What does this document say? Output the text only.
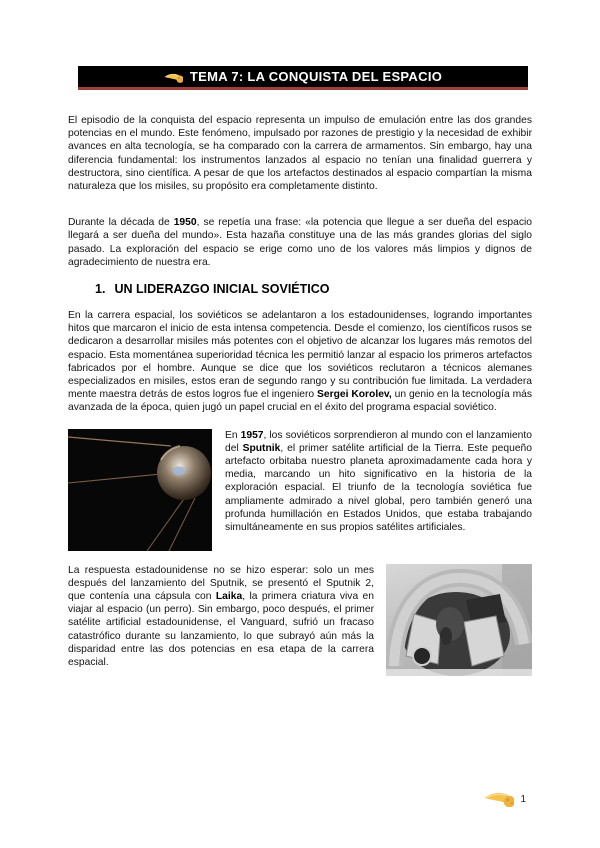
TEMA 7: LA CONQUISTA DEL ESPACIO

El episodio de la conquista del espacio representa un impulso de emulación entre las dos grandes potencias en el mundo. Este fenómeno, impulsado por razones de prestigio y la necesidad de exhibir avances en alta tecnología, se ha comparado con la carrera de armamentos. Sin embargo, hay una diferencia fundamental: los instrumentos lanzados al espacio no tenían una finalidad guerrera y destructora, sino científica. A pesar de que los artefactos destinados al espacio compartían la misma naturaleza que los misiles, su propósito era completamente distinto.

Durante la década de 1950, se repetía una frase: «la potencia que llegue a ser dueña del espacio llegará a ser dueña del mundo». Esta hazaña constituye una de las más grandes glorias del siglo pasado. La exploración del espacio se erige como uno de los valores más limpios y dignos de agradecimiento de nuestra era.

1. UN LIDERAZGO INICIAL SOVIÉTICO

En la carrera espacial, los soviéticos se adelantaron a los estadounidenses, logrando importantes hitos que marcaron el inicio de esta intensa competencia. Desde el comienzo, los científicos rusos se dedicaron a desarrollar misiles más potentes con el objetivo de alcanzar los lugares más remotos del espacio. Esta momentánea superioridad técnica les permitió lanzar al espacio los primeros artefactos fabricados por el hombre. Aunque se dice que los soviéticos reclutaron a técnicos alemanes especializados en misiles, estos eran de segundo rango y su contribución fue limitada. La verdadera mente maestra detrás de estos logros fue el ingeniero Sergei Korolev, un genio en la tecnología más avanzada de la época, quien jugó un papel crucial en el éxito del programa espacial soviético.

En 1957, los soviéticos sorprendieron al mundo con el lanzamiento del Sputnik, el primer satélite artificial de la Tierra. Este pequeño artefacto orbitaba nuestro planeta aproximadamente cada hora y media, marcando un hito significativo en la historia de la exploración espacial. El triunfo de la tecnología soviética fue ampliamente admirado a nivel global, pero también generó una profunda humillación en Estados Unidos, que estaba trabajando simultáneamente en sus propios satélites artificiales.

La respuesta estadounidense no se hizo esperar: solo un mes después del lanzamiento del Sputnik, se presentó el Sputnik 2, que contenía una cápsula con Laika, la primera criatura viva en viajar al espacio (un perro). Sin embargo, poco después, el primer satélite artificial estadounidense, el Vanguard, sufrió un fracaso catastrófico durante su lanzamiento, lo que subrayó aún más la disparidad entre las dos potencias en esa etapa de la carrera espacial.

1
